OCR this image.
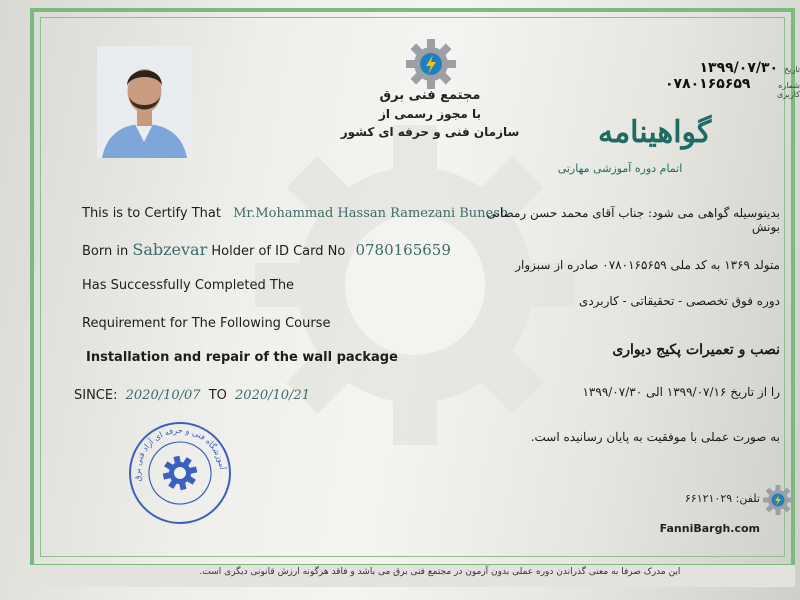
مجتمع فنی برق
با مجوز رسمی از
سازمان فنی و حرفه ای کشور
تاریخ
۱۳۹۹/۰۷/۳۰
شماره کاربری
۰۷۸۰۱۶۵۶۵۹
گواهینامه
اتمام دوره آموزشی مهارتی
This is to Certify That Mr.Mohammad Hassan Ramezani Bunesh
Born in Sabzevar Holder of ID Card No 0780165659
Has Successfully Completed The
Requirement for The Following Course
Installation and repair of the wall package
SINCE: 2020/10/07 TO 2020/10/21
بدینوسیله گواهی می شود: جناب آقای محمد حسن رمضانی بونش
متولد ۱۳۶۹ به کد ملی ۰۷۸۰۱۶۵۶۵۹ صادره از سبزوار
دوره فوق تخصصی - تحقیقاتی - کاربردی
نصب و تعمیرات پکیج دیواری
را از تاریخ ۱۳۹۹/۰۷/۱۶ الی ۱۳۹۹/۰۷/۳۰
به صورت عملی با موفقیت به پایان رسانیده است.
آموزشگاه فنی و حرفه ای آزاد فنی برق
تلفن: ۶۶۱۲۱۰۲۹
FanniBargh.com
این مدرک صرفا به معنی گذراندن دوره عملی بدون آزمون در مجتمع فنی برق می باشد و فاقد هرگونه ارزش قانونی دیگری است.
